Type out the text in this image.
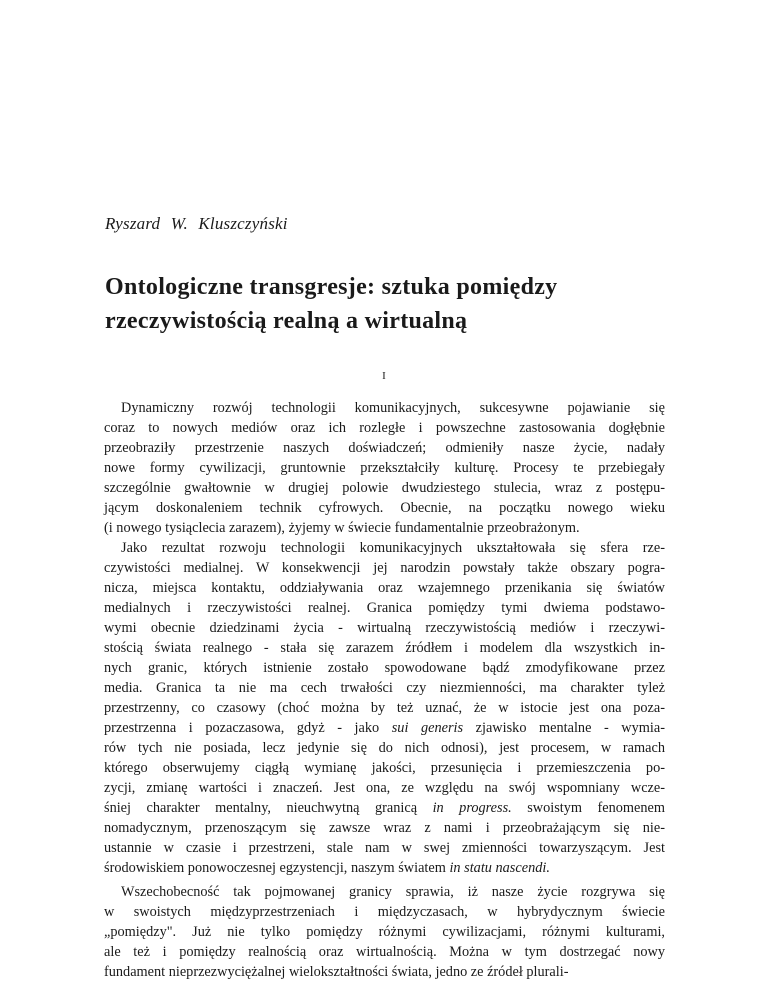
Ryszard W. Kluszczyński

Ontologiczne transgresje: sztuka pomiędzy
rzeczywistością realną a wirtualną

I

Dynamiczny rozwój technologii komunikacyjnych, sukcesywne pojawianie się
coraz to nowych mediów oraz ich rozległe i powszechne zastosowania dogłębnie
przeobraziły przestrzenie naszych doświadczeń; odmieniły nasze życie, nadały
nowe formy cywilizacji, gruntownie przekształciły kulturę. Procesy te przebiegały
szczególnie gwałtownie w drugiej polowie dwudziestego stulecia, wraz z postępu-
jącym doskonaleniem technik cyfrowych. Obecnie, na początku nowego wieku
(i nowego tysiąclecia zarazem), żyjemy w świecie fundamentalnie przeobrażonym.
Jako rezultat rozwoju technologii komunikacyjnych ukształtowała się sfera rze-
czywistości medialnej. W konsekwencji jej narodzin powstały także obszary pogra-
nicza, miejsca kontaktu, oddziaływania oraz wzajemnego przenikania się światów
medialnych i rzeczywistości realnej. Granica pomiędzy tymi dwiema podstawo-
wymi obecnie dziedzinami życia - wirtualną rzeczywistością mediów i rzeczywi-
stością świata realnego - stała się zarazem źródłem i modelem dla wszystkich in-
nych granic, których istnienie zostało spowodowane bądź zmodyfikowane przez
media. Granica ta nie ma cech trwałości czy niezmienności, ma charakter tyleż
przestrzenny, co czasowy (choć można by też uznać, że w istocie jest ona poza-
przestrzenna i pozaczasowa, gdyż - jako sui generis zjawisko mentalne - wymia-
rów tych nie posiada, lecz jedynie się do nich odnosi), jest procesem, w ramach
którego obserwujemy ciągłą wymianę jakości, przesunięcia i przemieszczenia po-
zycji, zmianę wartości i znaczeń. Jest ona, ze względu na swój wspomniany wcze-
śniej charakter mentalny, nieuchwytną granicą in progress. swoistym fenomenem
nomadycznym, przenoszącym się zawsze wraz z nami i przeobrażającym się nie-
ustannie w czasie i przestrzeni, stale nam w swej zmienności towarzyszącym. Jest
środowiskiem ponowoczesnej egzystencji, naszym światem in statu nascendi.
Wszechobecność tak pojmowanej granicy sprawia, iż nasze życie rozgrywa się
w swoistych międzyprzestrzeniach i międzyczasach, w hybrydycznym świecie
„pomiędzy". Już nie tylko pomiędzy różnymi cywilizacjami, różnymi kulturami,
ale też i pomiędzy realnością oraz wirtualnością. Można w tym dostrzegać nowy
fundament nieprzezwyciężalnej wielokształtności świata, jedno ze źródeł plurali-
